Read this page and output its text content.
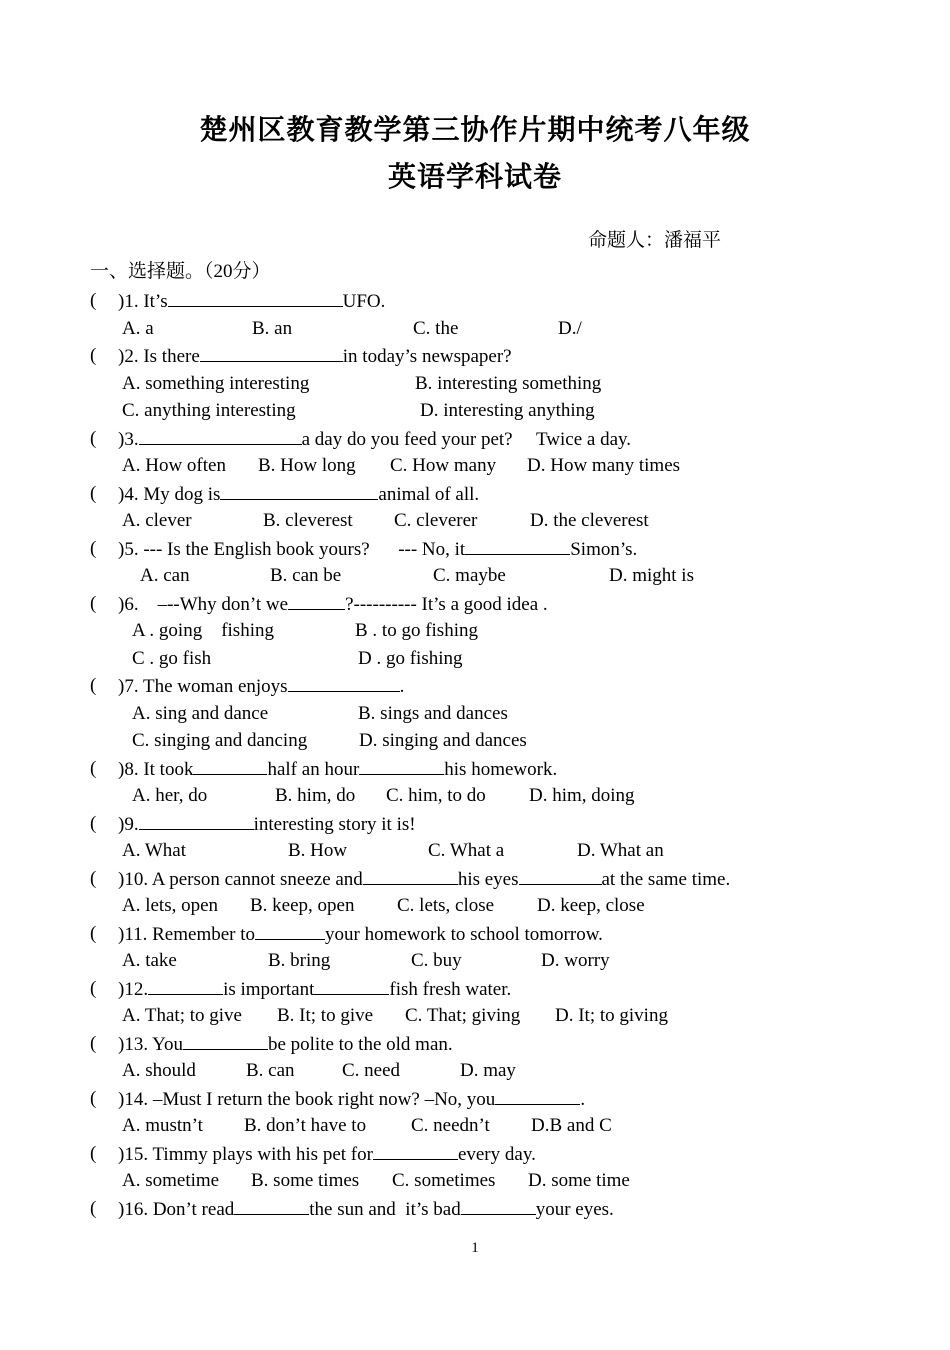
楚州区教育教学第三协作片期中统考八年级
英语学科试卷
命题人：潘福平
一、选择题。（20分）
( )1. It’s	UFO.
A. a	B. an	C. the	D./
( )2. Is there	in today’s newspaper?
A. something interesting	B. interesting something
C. anything interesting	D. interesting anything
( )3.	a day do you feed your pet?     Twice a day.
A. How often B. How long C. How many D. How many times
( )4. My dog is	animal of all.
A. clever	B. cleverest C. cleverer	D. the cleverest
( )5. --- Is the English book yours?      --- No, it	Simon’s.
A. can	B. can be	C. maybe	D. might is
( )6.    –--Why don’t we	?---------- It’s a good idea .
A . going    fishing	B . to go fishing
C . go fish	D . go fishing
( )7. The woman enjoys	.
A. sing and dance	B. sings and dances
C. singing and dancing	D. singing and dances
( )8. It took	half an hour	his homework.
A. her, do	B. him, do C. him, to do D. him, doing
( )9.	interesting story it is!
A. What	B. How	C. What a	D. What an
( )10. A person cannot sneeze and	his eyes	at the same time.
A. lets, open B. keep, open C. lets, close D. keep, close
( )11. Remember to	your homework to school tomorrow.
A. take	B. bring	C. buy	D. worry
( )12.	is important	fish fresh water.
A. That; to give B. It; to give C. That; giving D. It; to giving
( )13. You	be polite to the old man.
A. should	B. can C. need	D. may
( )14. –Must I return the book right now? –No, you	.
A. mustn’t B. don’t have to C. needn’t D.B and C
( )15. Timmy plays with his pet for	every day.
A. sometime B. some times C. sometimes D. some time
( )16. Don’t read	the sun and  it’s bad	your eyes.
1
